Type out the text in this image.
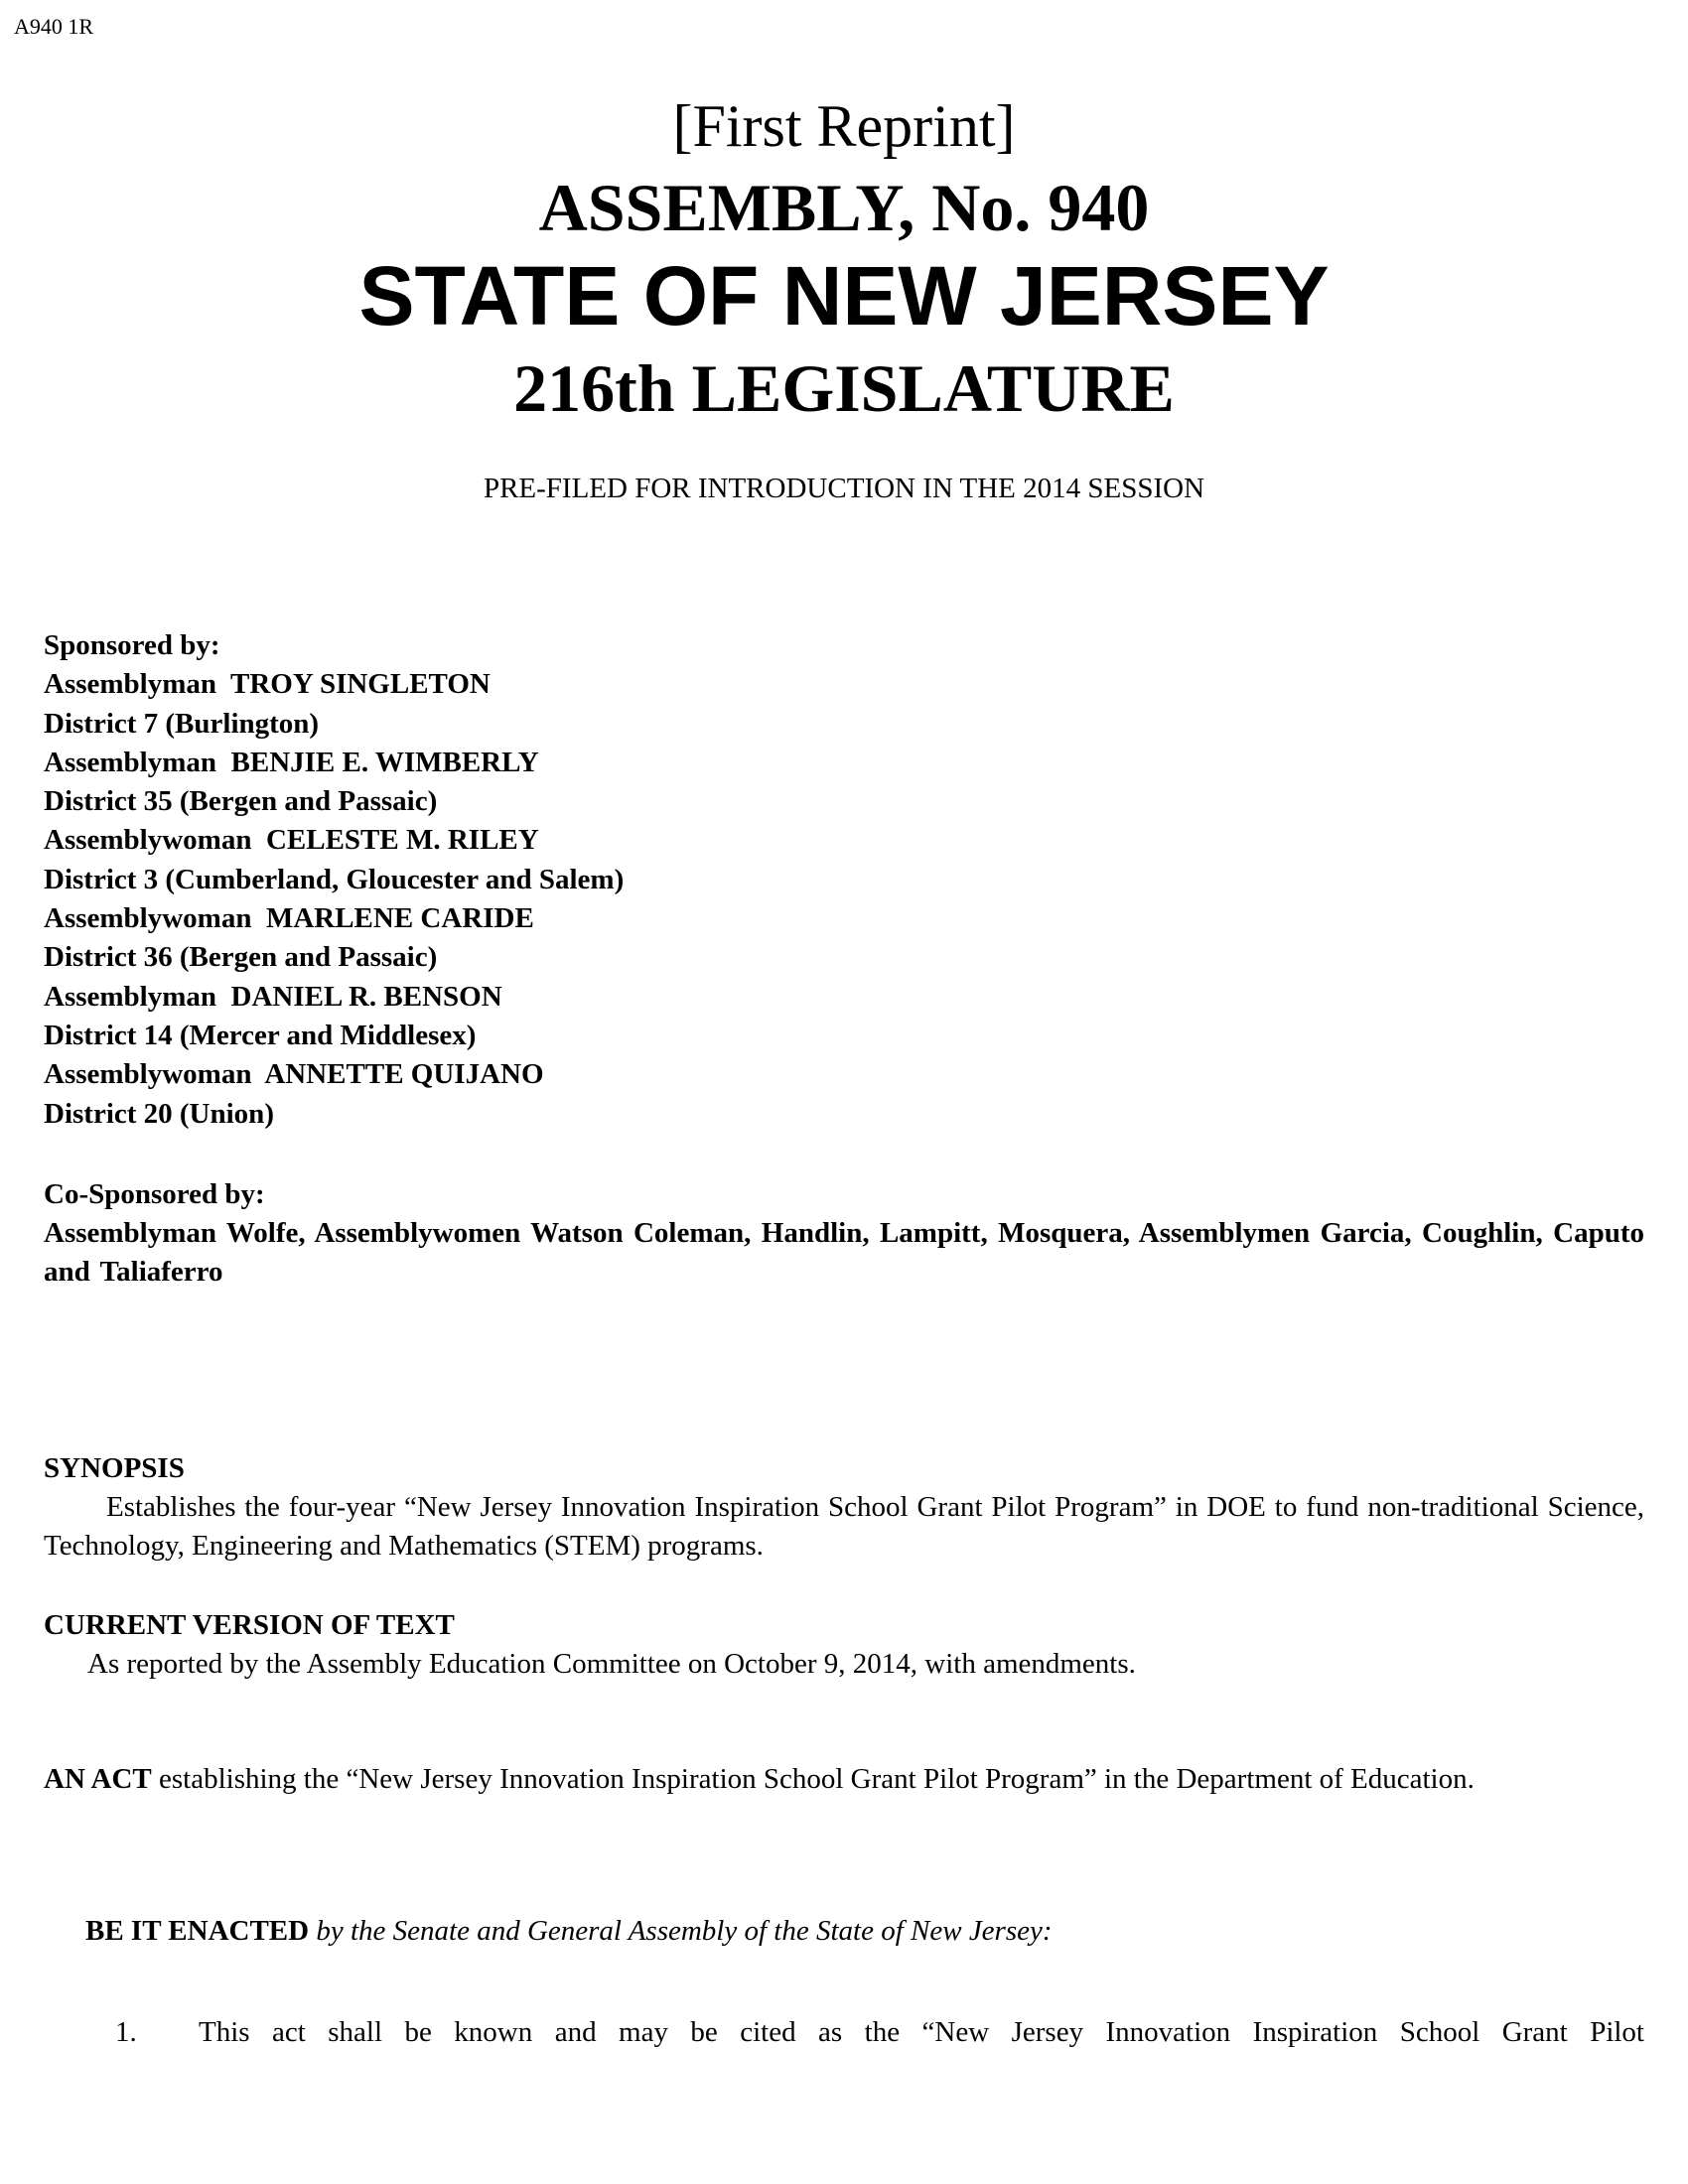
A940 1R
[First Reprint]
ASSEMBLY, No. 940
STATE OF NEW JERSEY
216th LEGISLATURE
PRE-FILED FOR INTRODUCTION IN THE 2014 SESSION
Sponsored by:
Assemblyman  TROY SINGLETON
District 7 (Burlington)
Assemblyman  BENJIE E. WIMBERLY
District 35 (Bergen and Passaic)
Assemblywoman  CELESTE M. RILEY
District 3 (Cumberland, Gloucester and Salem)
Assemblywoman  MARLENE CARIDE
District 36 (Bergen and Passaic)
Assemblyman  DANIEL R. BENSON
District 14 (Mercer and Middlesex)
Assemblywoman  ANNETTE QUIJANO
District 20 (Union)
Co-Sponsored by:
Assemblyman Wolfe, Assemblywomen Watson Coleman, Handlin, Lampitt, Mosquera, Assemblymen Garcia, Coughlin, Caputo and Taliaferro
SYNOPSIS
Establishes the four-year “New Jersey Innovation Inspiration School Grant Pilot Program” in DOE to fund non-traditional Science, Technology, Engineering and Mathematics (STEM) programs.
CURRENT VERSION OF TEXT
As reported by the Assembly Education Committee on October 9, 2014, with amendments.
AN ACT establishing the “New Jersey Innovation Inspiration School Grant Pilot Program” in the Department of Education.
BE IT ENACTED by the Senate and General Assembly of the State of New Jersey:
1. This act shall be known and may be cited as the “New Jersey Innovation Inspiration School Grant Pilot
